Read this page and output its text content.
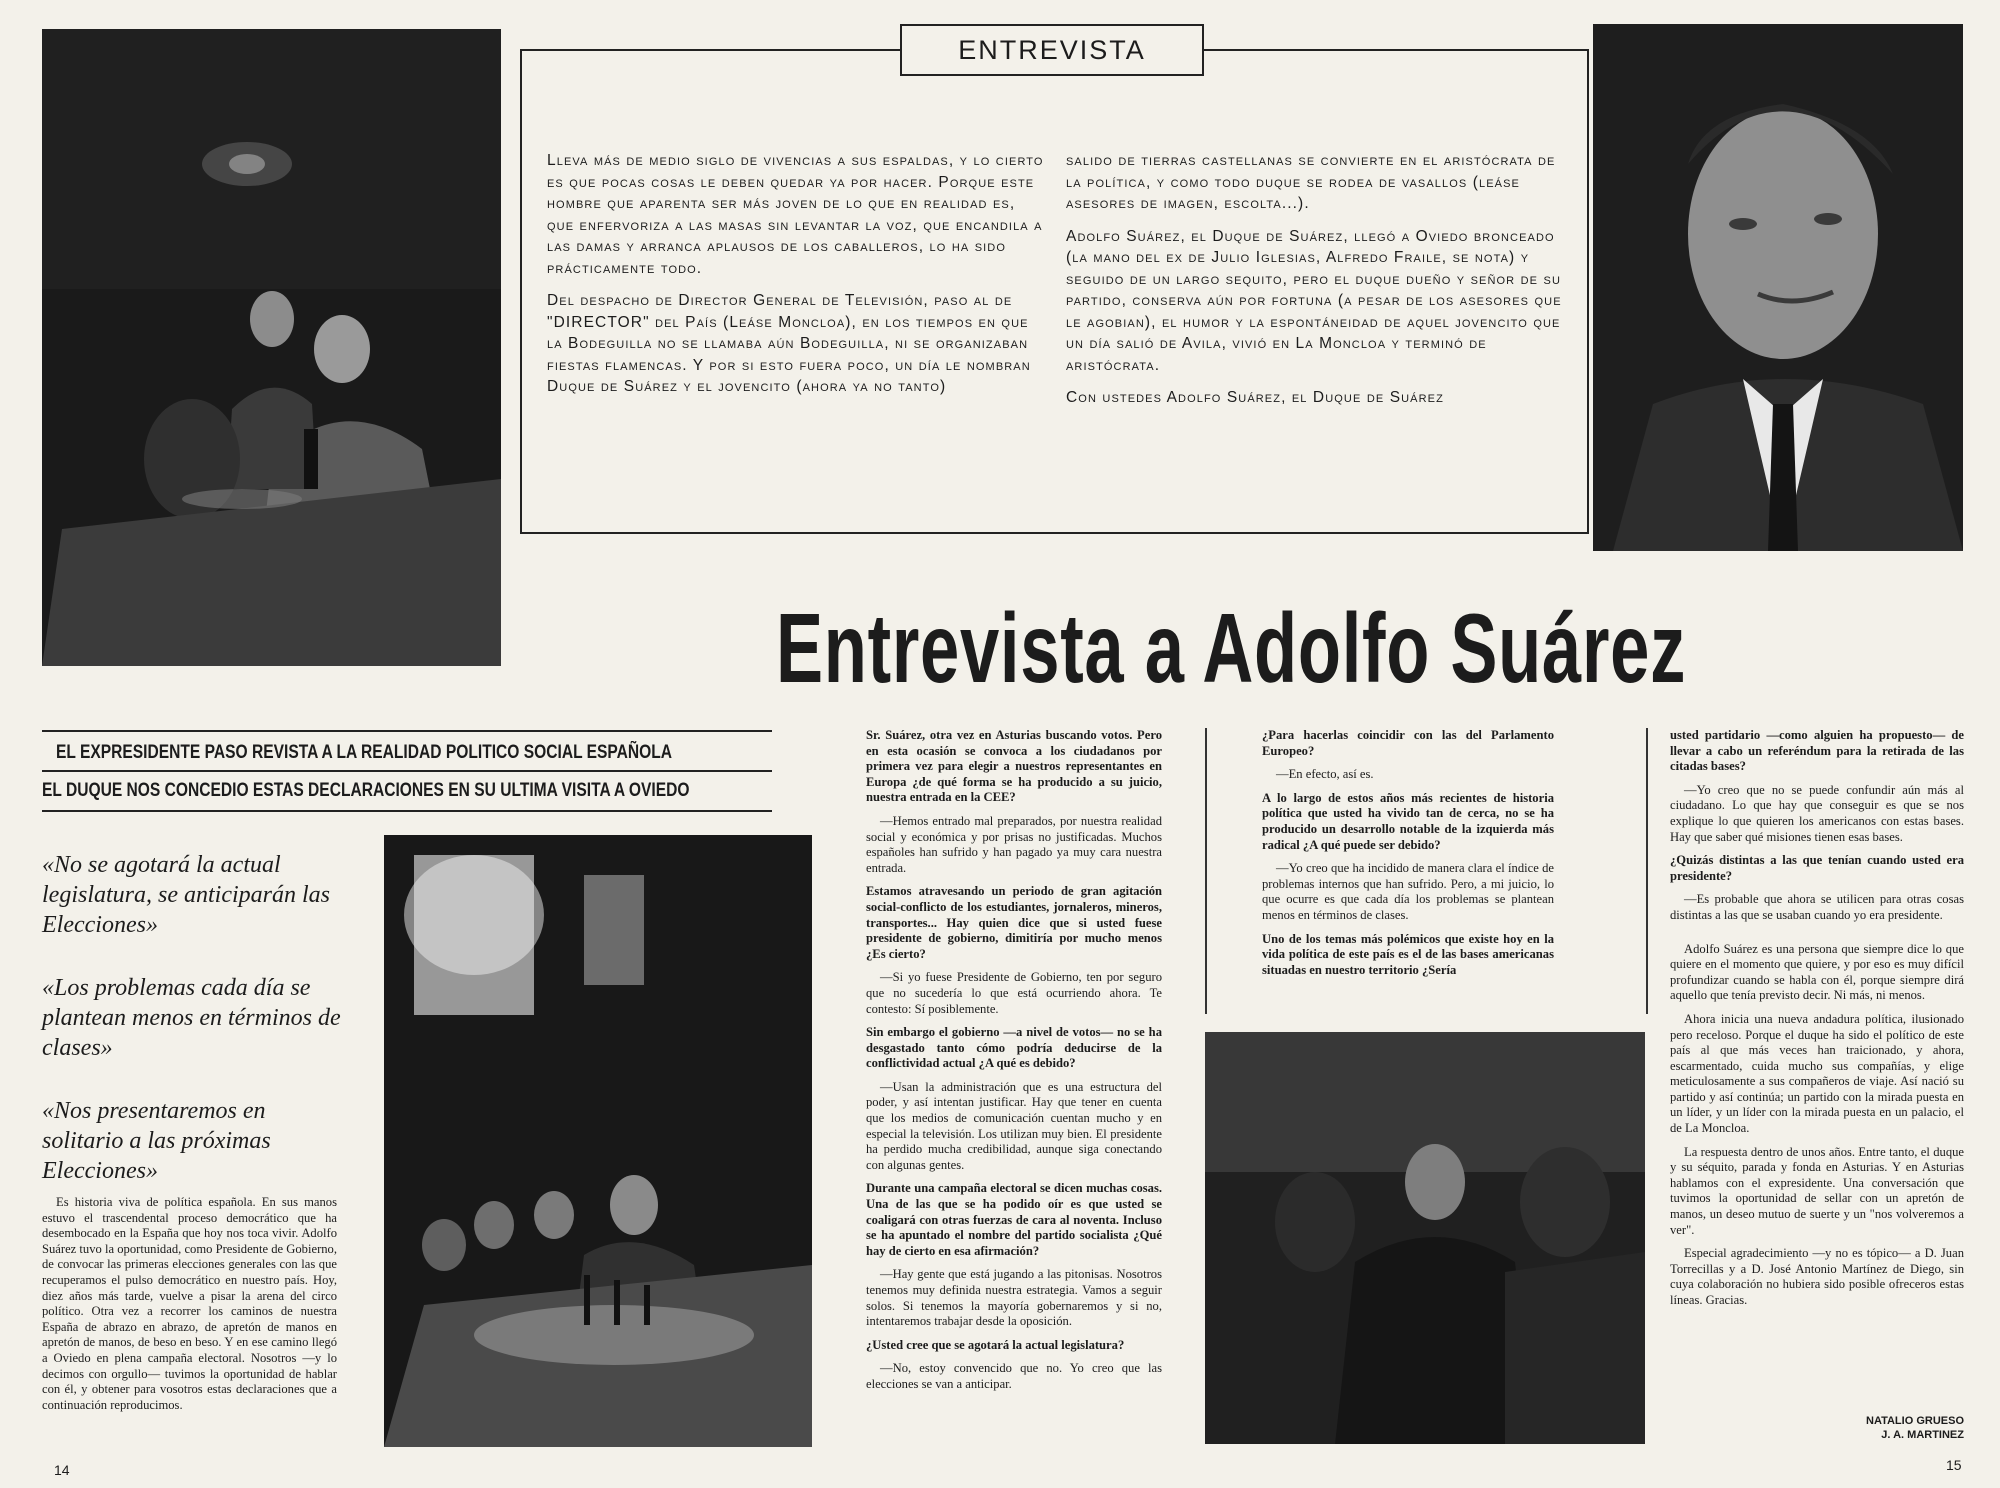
ENTREVISTA

Lleva más de medio siglo de vivencias a sus espaldas, y lo cierto es que pocas cosas le deben quedar ya por hacer. Porque este hombre que aparenta ser más joven de lo que en realidad es, que enfervoriza a las masas sin levantar la voz, que encandila a las damas y arranca aplausos de los caballeros, lo ha sido prácticamente todo.

Del despacho de Director General de Televisión, paso al de "DIRECTOR" del País (Leáse Moncloa), en los tiempos en que la Bodeguilla no se llamaba aún Bodeguilla, ni se organizaban fiestas flamencas. Y por si esto fuera poco, un día le nombran Duque de Suárez y el jovencito (ahora ya no tanto)

salido de tierras castellanas se convierte en el aristócrata de la política, y como todo duque se rodea de vasallos (leáse asesores de imagen, escolta...).

Adolfo Suárez, el Duque de Suárez, llegó a Oviedo bronceado (la mano del ex de Julio Iglesias, Alfredo Fraile, se nota) y seguido de un largo sequito, pero el duque dueño y señor de su partido, conserva aún por fortuna (a pesar de los asesores que le agobian), el humor y la espontáneidad de aquel jovencito que un día salió de Avila, vivió en La Moncloa y terminó de aristócrata.

Con ustedes Adolfo Suárez, el Duque de Suárez

Entrevista a Adolfo Suárez
EL EXPRESIDENTE PASO REVISTA A LA REALIDAD POLITICO SOCIAL ESPAÑOLA
EL DUQUE NOS CONCEDIO ESTAS DECLARACIONES EN SU ULTIMA VISITA A OVIEDO
«No se agotará la actual legislatura, se anticiparán las Elecciones»
«Los problemas cada día se plantean menos en términos de clases»
«Nos presentaremos en solitario a las próximas Elecciones»

Es historia viva de política española. En sus manos estuvo el trascendental proceso democrático que ha desembocado en la España que hoy nos toca vivir. Adolfo Suárez tuvo la oportunidad, como Presidente de Gobierno, de convocar las primeras elecciones generales con las que recuperamos el pulso democrático en nuestro país. Hoy, diez años más tarde, vuelve a pisar la arena del circo político. Otra vez a recorrer los caminos de nuestra España de abrazo en abrazo, de apretón de manos en apretón de manos, de beso en beso. Y en ese camino llegó a Oviedo en plena campaña electoral. Nosotros —y lo decimos con orgullo— tuvimos la oportunidad de hablar con él, y obtener para vosotros estas declaraciones que a continuación reproducimos.

Sr. Suárez, otra vez en Asturias buscando votos. Pero en esta ocasión se convoca a los ciudadanos por primera vez para elegir a nuestros representantes en Europa ¿de qué forma se ha producido a su juicio, nuestra entrada en la CEE?

—Hemos entrado mal preparados, por nuestra realidad social y económica y por prisas no justificadas. Muchos españoles han sufrido y han pagado ya muy cara nuestra entrada.

Estamos atravesando un periodo de gran agitación social-conflicto de los estudiantes, jornaleros, mineros, transportes... Hay quien dice que si usted fuese presidente de gobierno, dimitiría por mucho menos ¿Es cierto?

—Si yo fuese Presidente de Gobierno, ten por seguro que no sucedería lo que está ocurriendo ahora. Te contesto: Sí posiblemente.

Sin embargo el gobierno —a nivel de votos— no se ha desgastado tanto cómo podría deducirse de la conflictividad actual ¿A qué es debido?

—Usan la administración que es una estructura del poder, y así intentan justificar. Hay que tener en cuenta que los medios de comunicación cuentan mucho y en especial la televisión. Los utilizan muy bien. El presidente ha perdido mucha credibilidad, aunque siga conectando con algunas gentes.

Durante una campaña electoral se dicen muchas cosas. Una de las que se ha podido oír es que usted se coaligará con otras fuerzas de cara al noventa. Incluso se ha apuntado el nombre del partido socialista ¿Qué hay de cierto en esa afirmación?

—Hay gente que está jugando a las pitonisas. Nosotros tenemos muy definida nuestra estrategia. Vamos a seguir solos. Si tenemos la mayoría gobernaremos y si no, intentaremos trabajar desde la oposición.

¿Usted cree que se agotará la actual legislatura?

—No, estoy convencido que no. Yo creo que las elecciones se van a anticipar.

¿Para hacerlas coincidir con las del Parlamento Europeo?

—En efecto, así es.

A lo largo de estos años más recientes de historia política que usted ha vivido tan de cerca, no se ha producido un desarrollo notable de la izquierda más radical ¿A qué puede ser debido?

—Yo creo que ha incidido de manera clara el índice de problemas internos que han sufrido. Pero, a mi juicio, lo que ocurre es que cada día los problemas se plantean menos en términos de clases.

Uno de los temas más polémicos que existe hoy en la vida política de este país es el de las bases americanas situadas en nuestro territorio ¿Sería

usted partidario —como alguien ha propuesto— de llevar a cabo un referéndum para la retirada de las citadas bases?

—Yo creo que no se puede confundir aún más al ciudadano. Lo que hay que conseguir es que se nos explique lo que quieren los americanos con estas bases. Hay que saber qué misiones tienen esas bases.

¿Quizás distintas a las que tenían cuando usted era presidente?

—Es probable que ahora se utilicen para otras cosas distintas a las que se usaban cuando yo era presidente.

Adolfo Suárez es una persona que siempre dice lo que quiere en el momento que quiere, y por eso es muy difícil profundizar cuando se habla con él, porque siempre dirá aquello que tenía previsto decir. Ni más, ni menos.

Ahora inicia una nueva andadura política, ilusionado pero receloso. Porque el duque ha sido el político de este país al que más veces han traicionado, y ahora, escarmentado, cuida mucho sus compañías, y elige meticulosamente a sus compañeros de viaje. Así nació su partido y así continúa; un partido con la mirada puesta en un líder, y un líder con la mirada puesta en un palacio, el de La Moncloa.

La respuesta dentro de unos años. Entre tanto, el duque y su séquito, parada y fonda en Asturias. Y en Asturias hablamos con el expresidente. Una conversación que tuvimos la oportunidad de sellar con un apretón de manos, un deseo mutuo de suerte y un "nos volveremos a ver".

Especial agradecimiento —y no es tópico— a D. Juan Torrecillas y a D. José Antonio Martínez de Diego, sin cuya colaboración no hubiera sido posible ofreceros estas líneas. Gracias.

NATALIO GRUESO
J. A. MARTINEZ
14	15
